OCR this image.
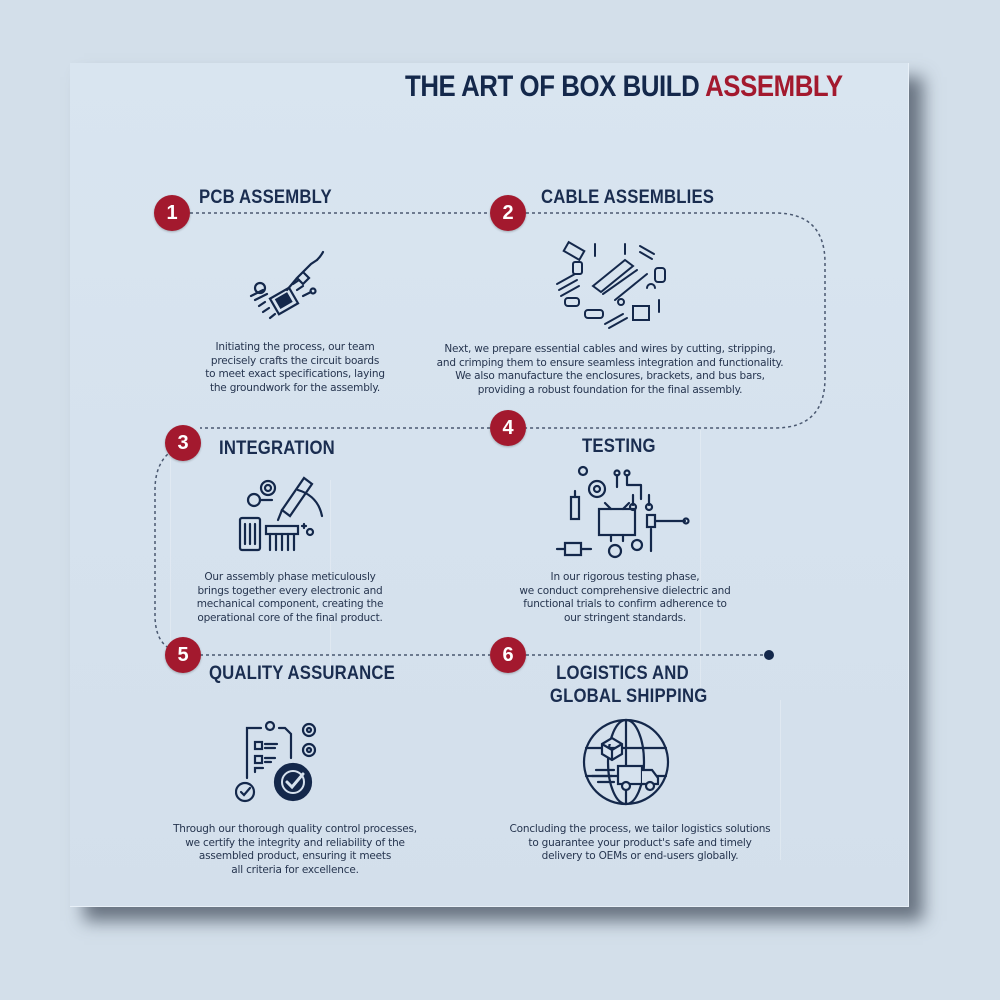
THE ART OF BOX BUILD ASSEMBLY
1
PCB ASSEMBLY
Initiating the process, our team
precisely crafts the circuit boards
to meet exact specifications, laying
the groundwork for the assembly.
2
CABLE ASSEMBLIES
Next, we prepare essential cables and wires by cutting, stripping,
and crimping them to ensure seamless integration and functionality.
We also manufacture the enclosures, brackets, and bus bars,
providing a robust foundation for the final assembly.
3	INTEGRATION
Our assembly phase meticulously
brings together every electronic and
mechanical component, creating the
operational core of the final product.
4
TESTING
In our rigorous testing phase,
we conduct comprehensive dielectric and
functional trials to confirm adherence to
our stringent standards.
5
QUALITY ASSURANCE
Through our thorough quality control processes,
we certify the integrity and reliability of the
assembled product, ensuring it meets
all criteria for excellence.
6
LOGISTICS AND
GLOBAL SHIPPING
Concluding the process, we tailor logistics solutions
to guarantee your product's safe and timely
delivery to OEMs or end-users globally.
